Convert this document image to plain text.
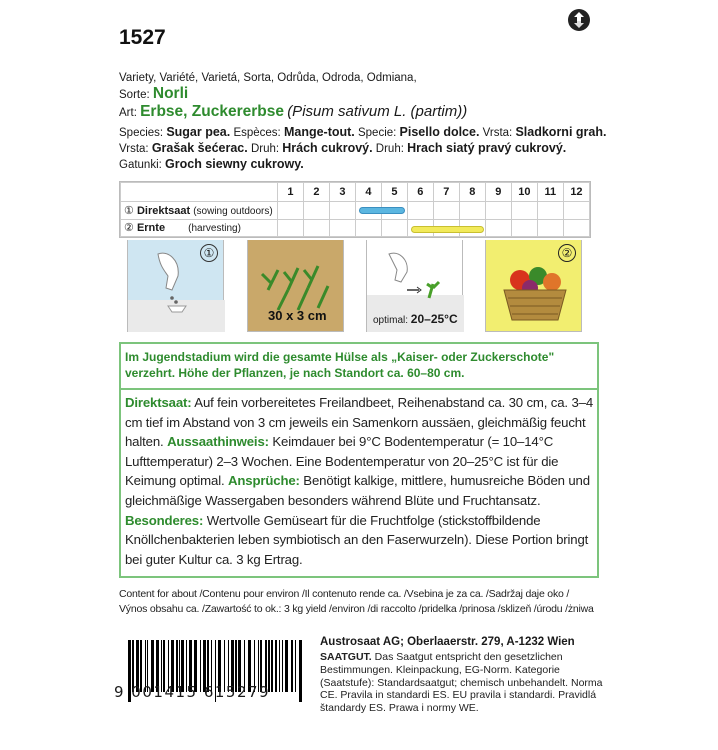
1527
Variety, Variété, Varietá, Sorta, Odrůda, Odroda, Odmiana,
Sorte: Norli
Art: Erbse, Zuckererbse (Pisum sativum L. (partim))
Species: Sugar pea. Espèces: Mange-tout. Specie: Pisello dolce. Vrsta: Sladkorni grah.
Vrsta: Grašak šećerac. Druh: Hrách cukrový. Druh: Hrach siatý pravý cukrový.
Gatunki: Groch siewny cukrowy.
	1	2	3	4	5	6	7	8	9	10	11	12
① Direktsaat (sowing outdoors)												
② Ernte (harvesting)												
①
30 x 3 cm	optimal: 20–25°C
②
Im Jugendstadium wird die gesamte Hülse als „Kaiser- oder Zuckerschote" verzehrt. Höhe der Pflanzen, je nach Standort ca. 60–80 cm.
Direktsaat: Auf fein vorbereitetes Freilandbeet, Reihenabstand ca. 30 cm, ca. 3–4 cm tief im Abstand von 3 cm jeweils ein Samenkorn aussäen, gleichmäßig feucht halten. Aussaathinweis: Keimdauer bei 9°C Bodentemperatur (= 10–14°C Lufttemperatur) 2–3 Wochen. Eine Bodentemperatur von 20–25°C ist für die Keimung optimal. Ansprüche: Benötigt kalkige, mittlere, humusreiche Böden und gleichmäßige Wassergaben besonders während Blüte und Fruchtansatz. Besonderes: Wertvolle Gemüseart für die Fruchtfolge (stickstoffbildende Knöllchenbakterien leben symbiotisch an den Faserwurzeln). Diese Portion bringt bei guter Kultur ca. 3 kg Ertrag.
Content for about /Contenu pour environ /Il contenuto rende ca. /Vsebina je za ca. /Sadržaj daje oko /
Výnos obsahu ca. /Zawartość to ok.: 3 kg yield /environ /di raccolto /pridelka /prinosa /sklizeň /úrodu /żniwa
9 001415 615279
Austrosaat AG; Oberlaaerstr. 279, A-1232 Wien
SAATGUT. Das Saatgut entspricht den gesetzlichen Bestimmungen. Kleinpackung, EG-Norm. Kategorie (Saatstufe): Standardsaatgut; chemisch unbehandelt. Norma CE. Pravila in standardi ES. EU pravila i standardi. Pravidlá štandardy ES. Prawa i normy WE.
